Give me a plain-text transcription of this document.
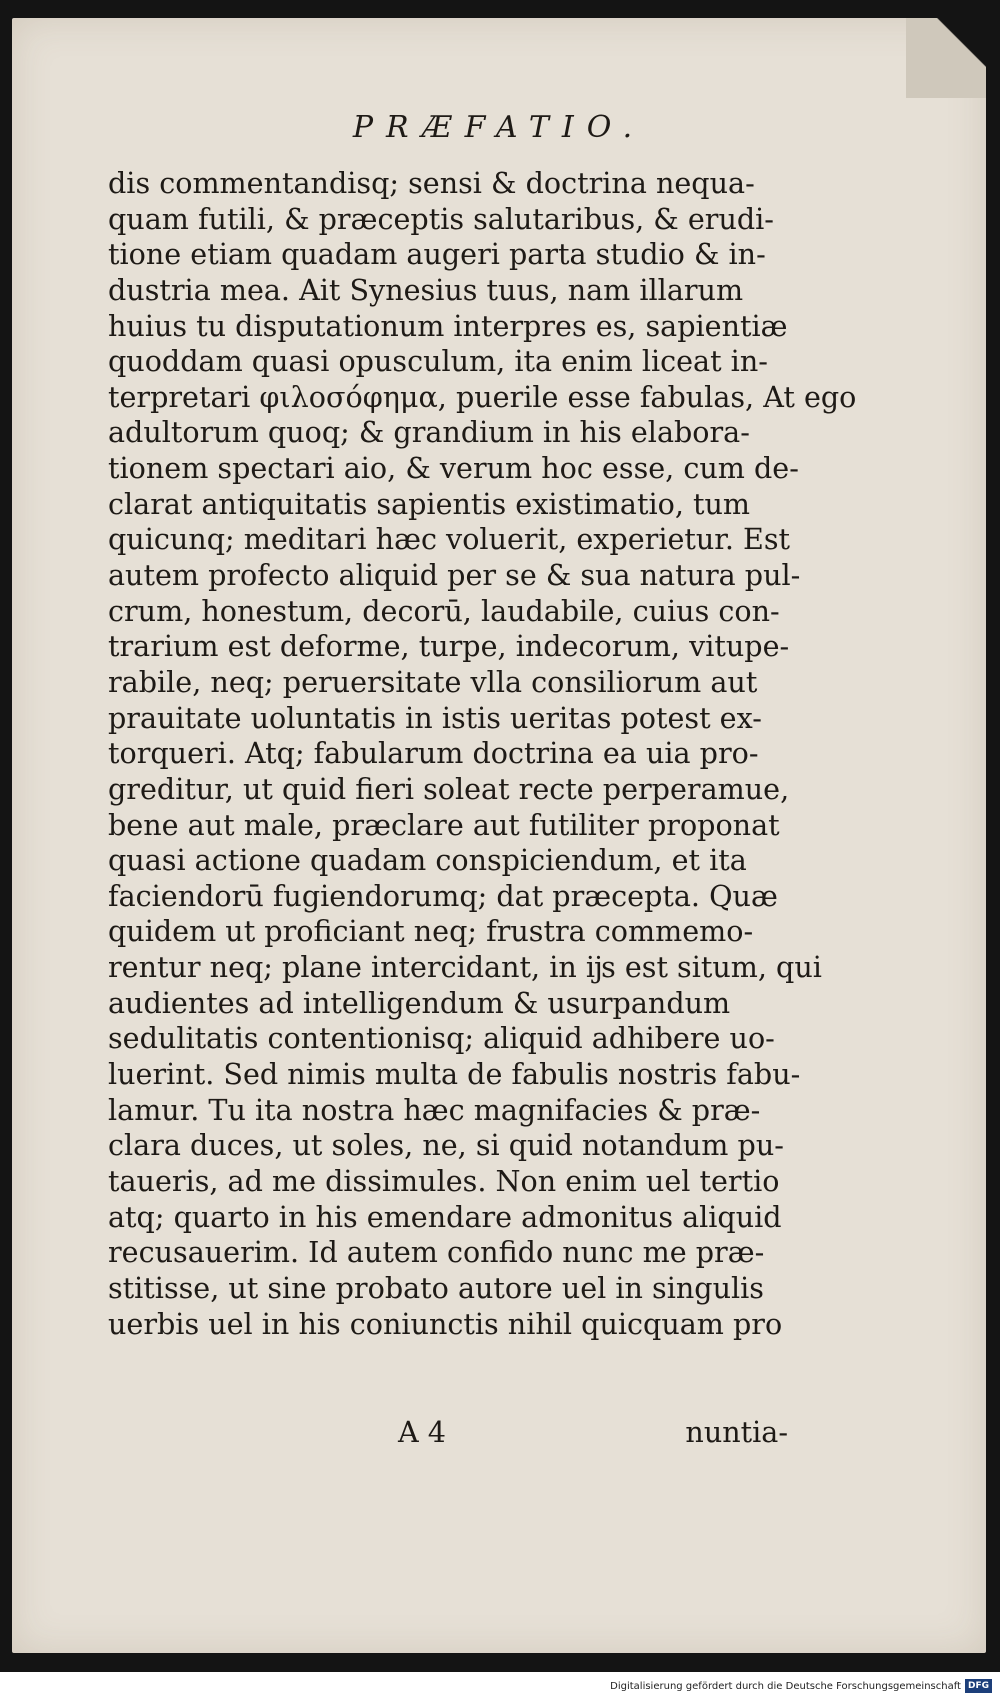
PRÆFATIO.
dis commentandisq; sensi & doctrina nequa-
quam futili, & præceptis salutaribus, & erudi-
tione etiam quadam augeri parta studio & in-
dustria mea. Ait Synesius tuus, nam illarum
huius tu disputationum interpres es, sapientiæ
quoddam quasi opusculum, ita enim liceat in-
terpretari φιλοσόφημα, puerile esse fabulas, At ego
adultorum quoq; & grandium in his elabora-
tionem spectari aio, & verum hoc esse, cum de-
clarat antiquitatis sapientis existimatio, tum
quicunq; meditari hæc voluerit, experietur. Est
autem profecto aliquid per se & sua natura pul-
crum, honestum, decorū, laudabile, cuius con-
trarium est deforme, turpe, indecorum, vitupe-
rabile, neq; peruersitate vlla consiliorum aut
prauitate uoluntatis in istis ueritas potest ex-
torqueri. Atq; fabularum doctrina ea uia pro-
greditur, ut quid fieri soleat recte perperamue,
bene aut male, præclare aut futiliter proponat
quasi actione quadam conspiciendum, et ita
faciendorū fugiendorumq; dat præcepta. Quæ
quidem ut proficiant neq; frustra commemo-
rentur neq; plane intercidant, in ĳs est situm, qui
audientes ad intelligendum & usurpandum
sedulitatis contentionisq; aliquid adhibere uo-
luerint. Sed nimis multa de fabulis nostris fabu-
lamur. Tu ita nostra hæc magnifacies & præ-
clara duces, ut soles, ne, si quid notandum pu-
taueris, ad me dissimules. Non enim uel tertio
atq; quarto in his emendare admonitus aliquid
recusauerim. Id autem confido nunc me præ-
stitisse, ut sine probato autore uel in singulis
uerbis uel in his coniunctis nihil quicquam pro
A 4	nuntia-
Digitalisierung gefördert durch die Deutsche Forschungsgemeinschaft DFG
